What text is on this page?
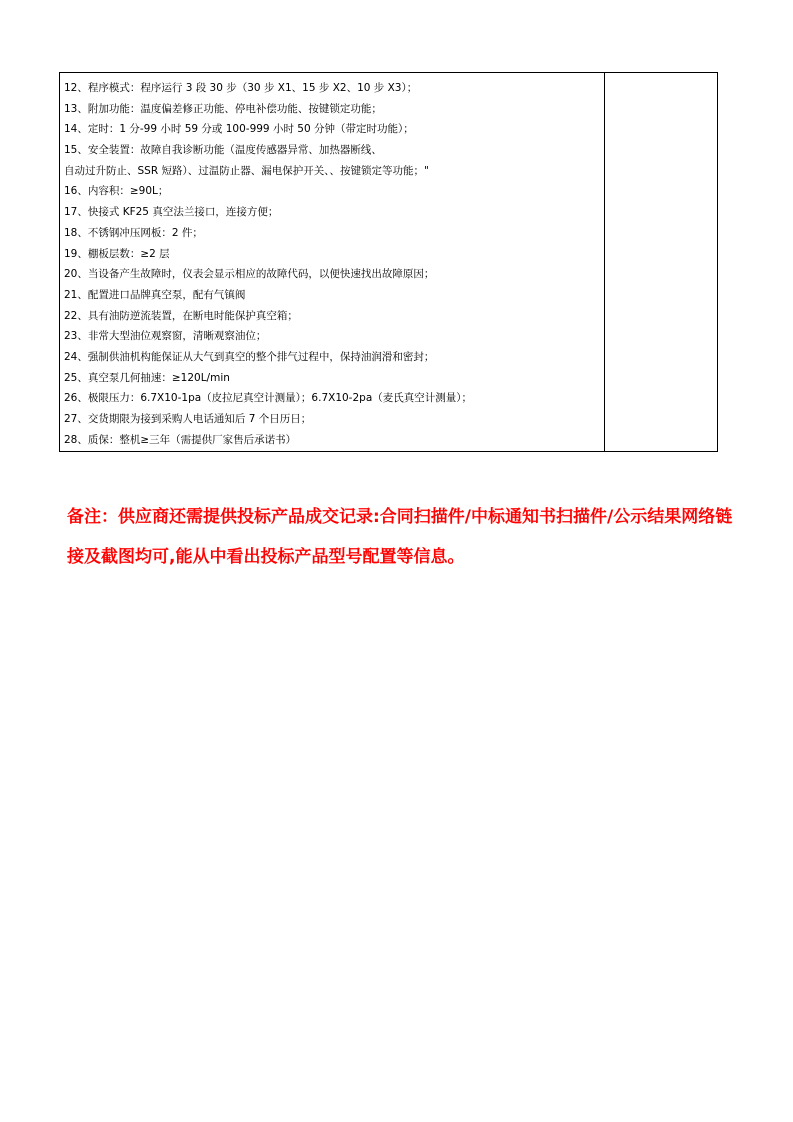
12、程序模式：程序运行 3 段 30 步（30 步 X1、15 步 X2、10 步 X3）；
13、附加功能：温度偏差修正功能、停电补偿功能、按键锁定功能；
14、定时：1 分-99 小时 59 分或 100-999 小时 50 分钟（带定时功能）；
15、安全装置：故障自我诊断功能（温度传感器异常、加热器断线、
自动过升防止、SSR 短路）、过温防止器、漏电保护开关、、按键锁定等功能；"
16、内容积：≥90L；
17、快接式 KF25 真空法兰接口，连接方便；
18、不锈钢冲压网板：2 件；
19、棚板层数：≥2 层
20、当设备产生故障时，仪表会显示相应的故障代码，以便快速找出故障原因；
21、配置进口品牌真空泵，配有气镇阀
22、具有油防逆流装置，在断电时能保护真空箱；
23、非常大型油位观察窗，清晰观察油位；
24、强制供油机构能保证从大气到真空的整个排气过程中，保持油润滑和密封；
25、真空泵几何抽速：≥120L/min
26、极限压力：6.7X10-1pa（皮拉尼真空计测量）；6.7X10-2pa（麦氏真空计测量）；
27、交货期限为接到采购人电话通知后 7 个日历日；
28、质保：整机≥三年（需提供厂家售后承诺书）

备注：供应商还需提供投标产品成交记录:合同扫描件/中标通知书扫描件/公示结果网络链接及截图均可,能从中看出投标产品型号配置等信息。
